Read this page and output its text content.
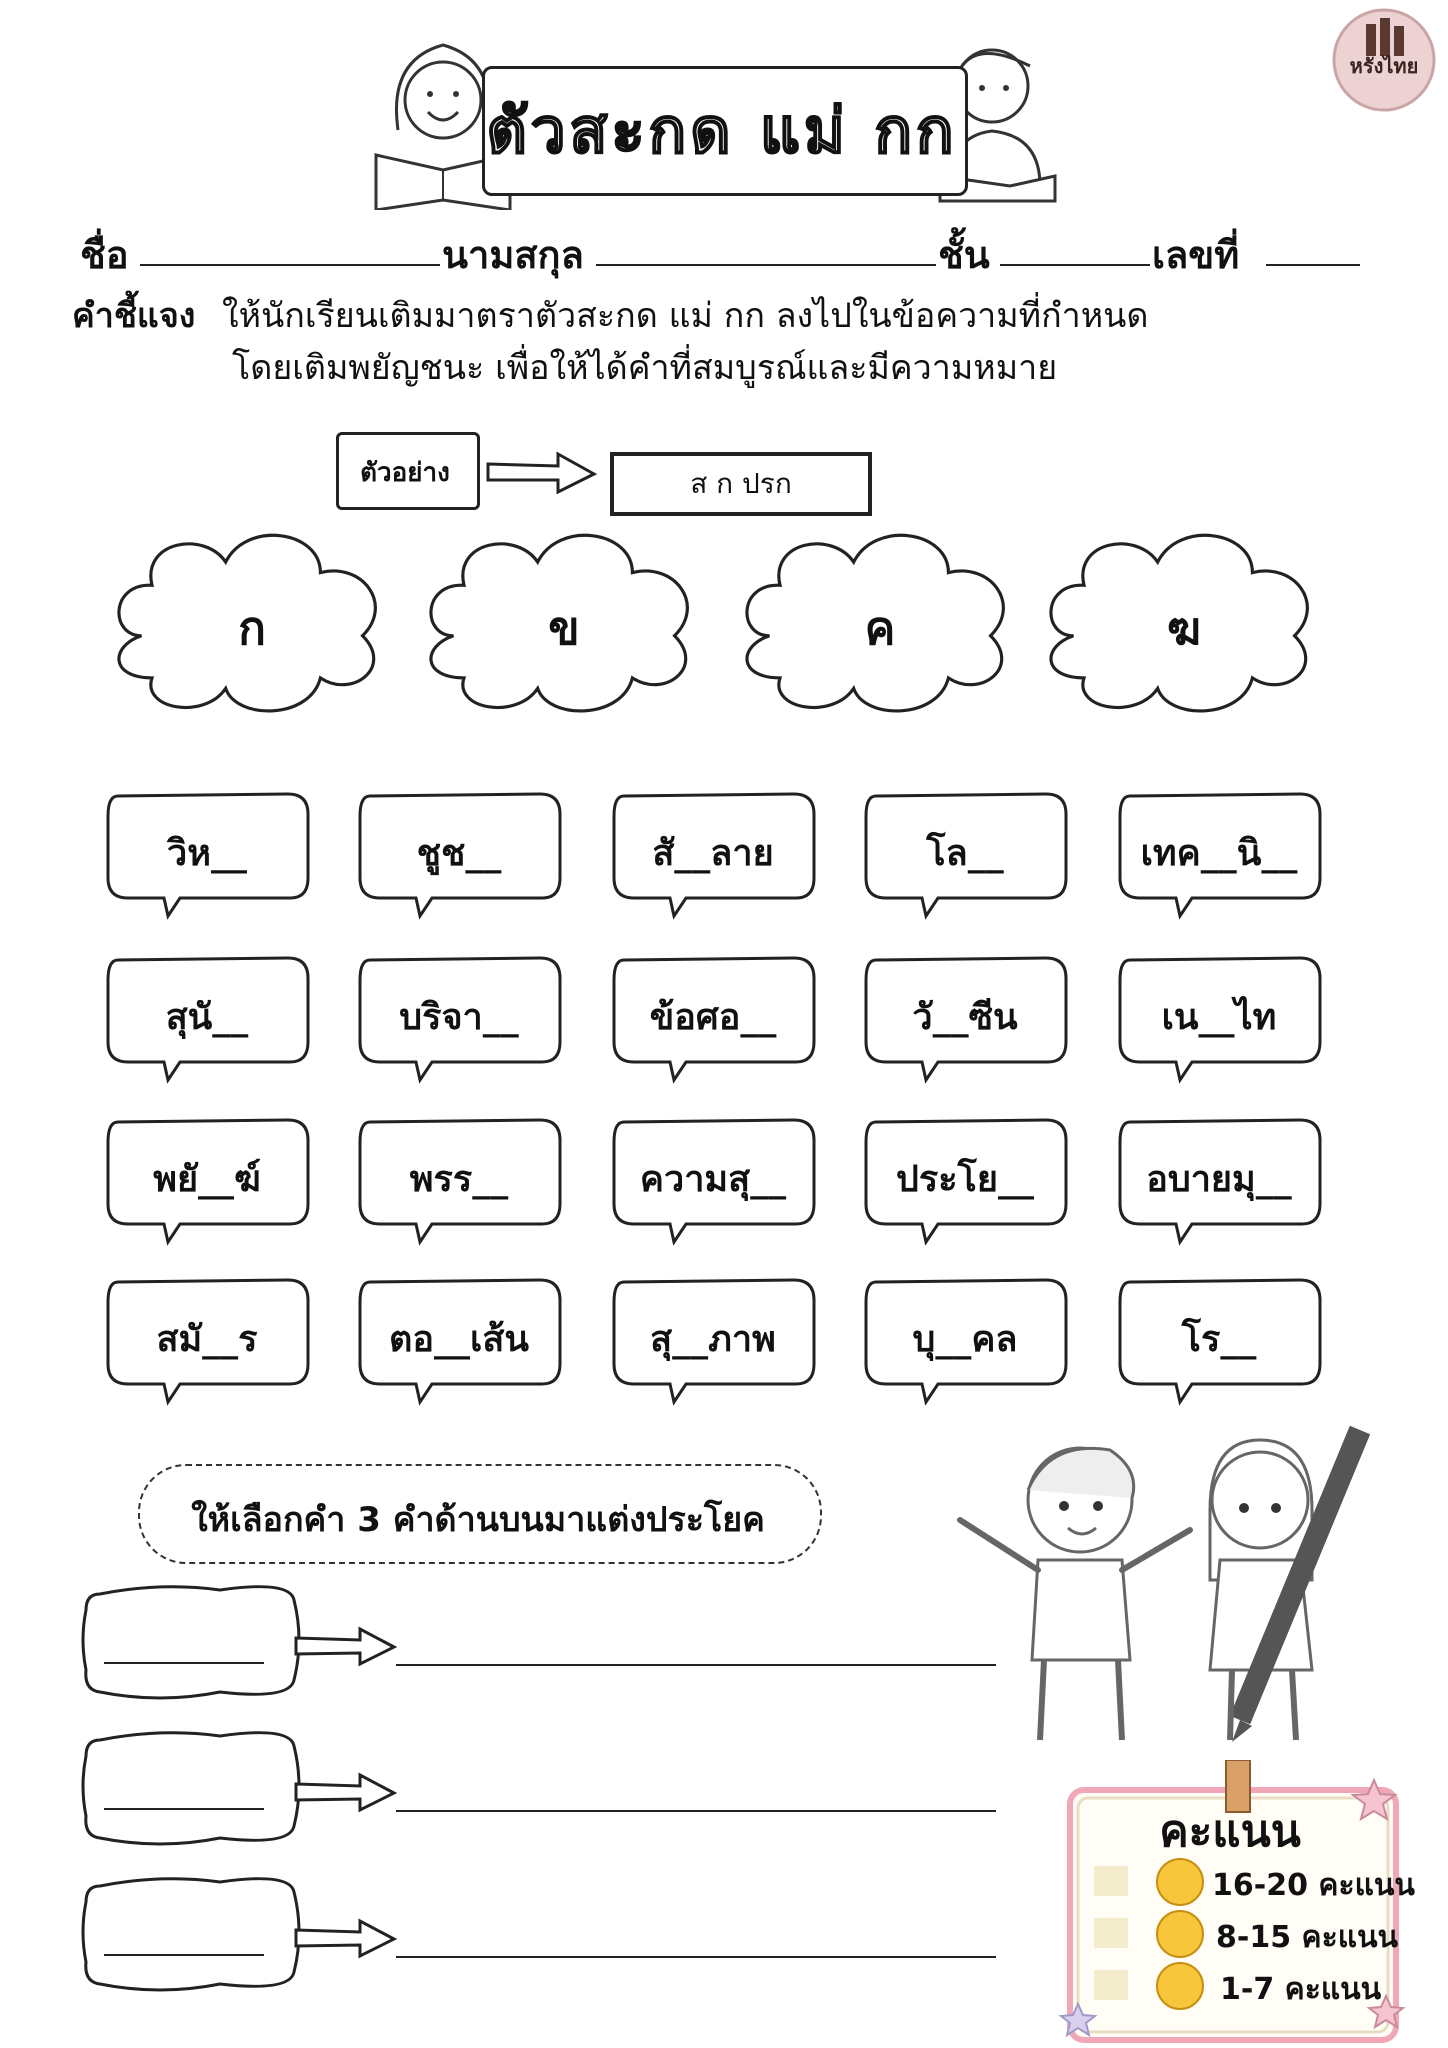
หรังไทย
ตัวสะกด แม่ กก
ชื่อ	นามสกุล	ชั้น	เลขที่
คำชี้แจง ให้นักเรียนเติมมาตราตัวสะกด แม่ กก ลงไปในข้อความที่กำหนด
โดยเติมพยัญชนะ เพื่อให้ได้คำที่สมบูรณ์และมีความหมาย
ตัวอย่าง	ส ก ปรก
ก	ข	ค	ฆ
วิห__	ชูช__	สั__ลาย	โล__	เทค__นิ__
สุนั__	บริจา__	ข้อศอ__	วั__ซีน	เน__ไท
พยั__ฆ์	พรร__	ความสุ__	ประโย__	อบายมุ__
สมั__ร	ตอ__เส้น	สุ__ภาพ	บุ__คล	โร__
ให้เลือกคำ 3 คำด้านบนมาแต่งประโยค
คะแนน
16-20 คะแนน
8-15 คะแนน
1-7 คะแนน
